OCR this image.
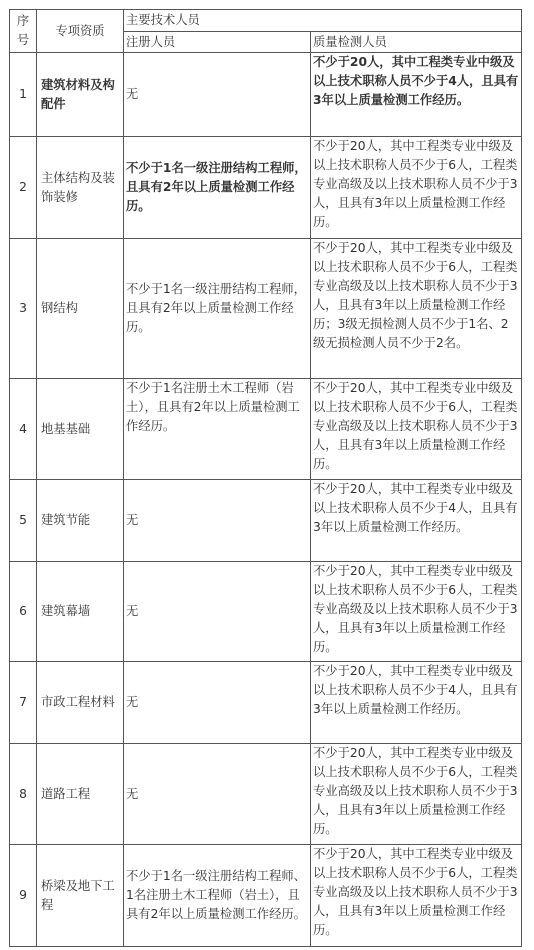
序号	专项资质	主要技术人员	
		注册人员	质量检测人员
1	建筑材料及构配件	无	不少于20人，其中工程类专业中级及以上技术职称人员不少于4人，且具有3年以上质量检测工作经历。
2	主体结构及装饰装修	不少于1名一级注册结构工程师，且具有2年以上质量检测工作经历。	不少于20人，其中工程类专业中级及以上技术职称人员不少于6人，工程类专业高级及以上技术职称人员不少于3人，且具有3年以上质量检测工作经历。
3	钢结构	不少于1名一级注册结构工程师，且具有2年以上质量检测工作经历。	不少于20人，其中工程类专业中级及以上技术职称人员不少于6人，工程类专业高级及以上技术职称人员不少于3人，且具有3年以上质量检测工作经历；3级无损检测人员不少于1名、2级无损检测人员不少于2名。
4	地基基础	不少于1名注册土木工程师（岩土），且具有2年以上质量检测工作经历。	不少于20人，其中工程类专业中级及以上技术职称人员不少于6人，工程类专业高级及以上技术职称人员不少于3人，且具有3年以上质量检测工作经历。
5	建筑节能	无	不少于20人，其中工程类专业中级及以上技术职称人员不少于4人，且具有3年以上质量检测工作经历。
6	建筑幕墙	无	不少于20人，其中工程类专业中级及以上技术职称人员不少于6人，工程类专业高级及以上技术职称人员不少于3人，且具有3年以上质量检测工作经历。
7	市政工程材料	无	不少于20人，其中工程类专业中级及以上技术职称人员不少于4人，且具有3年以上质量检测工作经历。
8	道路工程	无	不少于20人，其中工程类专业中级及以上技术职称人员不少于6人，工程类专业高级及以上技术职称人员不少于3人，且具有3年以上质量检测工作经历。
9	桥梁及地下工程	不少于1名一级注册结构工程师、1名注册土木工程师（岩土），且具有2年以上质量检测工作经历。	不少于20人，其中工程类专业中级及以上技术职称人员不少于6人，工程类专业高级及以上技术职称人员不少于3人，且具有3年以上质量检测工作经历。
